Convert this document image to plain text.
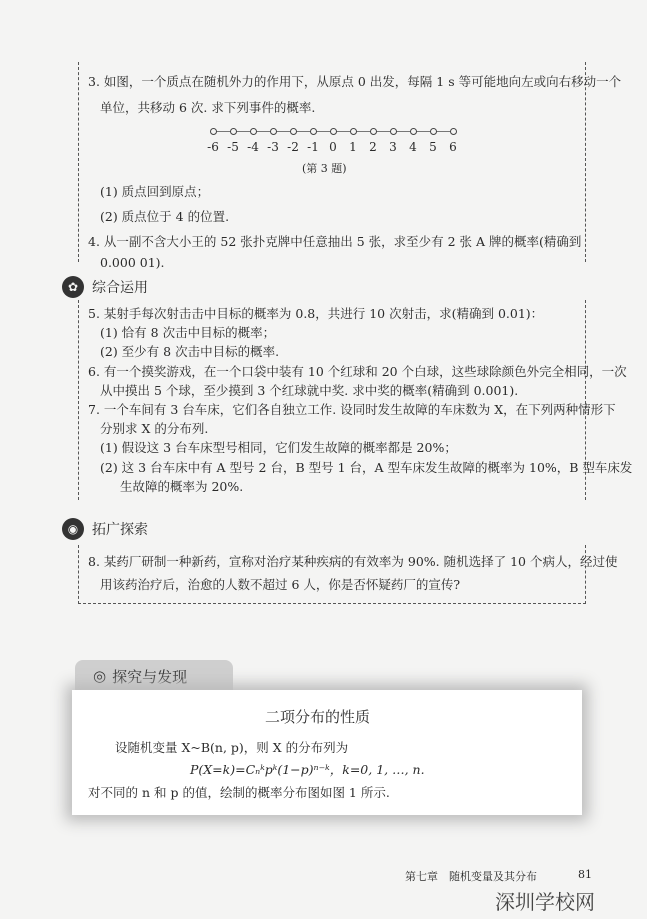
3. 如图，一个质点在随机外力的作用下，从原点 0 出发，每隔 1 s 等可能地向左或向右移动一个
单位，共移动 6 次. 求下列事件的概率.
-6 -5 -4 -3 -2 -1 0	1	2	3	4	5	6
(第 3 题)
(1) 质点回到原点；
(2) 质点位于 4 的位置.
4. 从一副不含大小王的 52 张扑克牌中任意抽出 5 张，求至少有 2 张 A 牌的概率(精确到
0.000 01).
✿ 综合运用
5. 某射手每次射击击中目标的概率为 0.8，共进行 10 次射击，求(精确到 0.01)：
(1) 恰有 8 次击中目标的概率；
(2) 至少有 8 次击中目标的概率.
6. 有一个摸奖游戏，在一个口袋中装有 10 个红球和 20 个白球，这些球除颜色外完全相同，一次
从中摸出 5 个球，至少摸到 3 个红球就中奖. 求中奖的概率(精确到 0.001).
7. 一个车间有 3 台车床，它们各自独立工作. 设同时发生故障的车床数为 X，在下列两种情形下
分别求 X 的分布列.
(1) 假设这 3 台车床型号相同，它们发生故障的概率都是 20%；
(2) 这 3 台车床中有 A 型号 2 台，B 型号 1 台，A 型车床发生故障的概率为 10%，B 型车床发
生故障的概率为 20%.
◉ 拓广探索
8. 某药厂研制一种新药，宣称对治疗某种疾病的有效率为 90%. 随机选择了 10 个病人，经过使
用该药治疗后，治愈的人数不超过 6 人，你是否怀疑药厂的宣传?
◎ 探究与发现
二项分布的性质
设随机变量 X~B(n, p)，则 X 的分布列为
P(X=k)=Cₙᵏpᵏ(1−p)ⁿ⁻ᵏ，k=0, 1, …, n.
对不同的 n 和 p 的值，绘制的概率分布图如图 1 所示.
第七章　随机变量及其分布	81
深圳学校网
